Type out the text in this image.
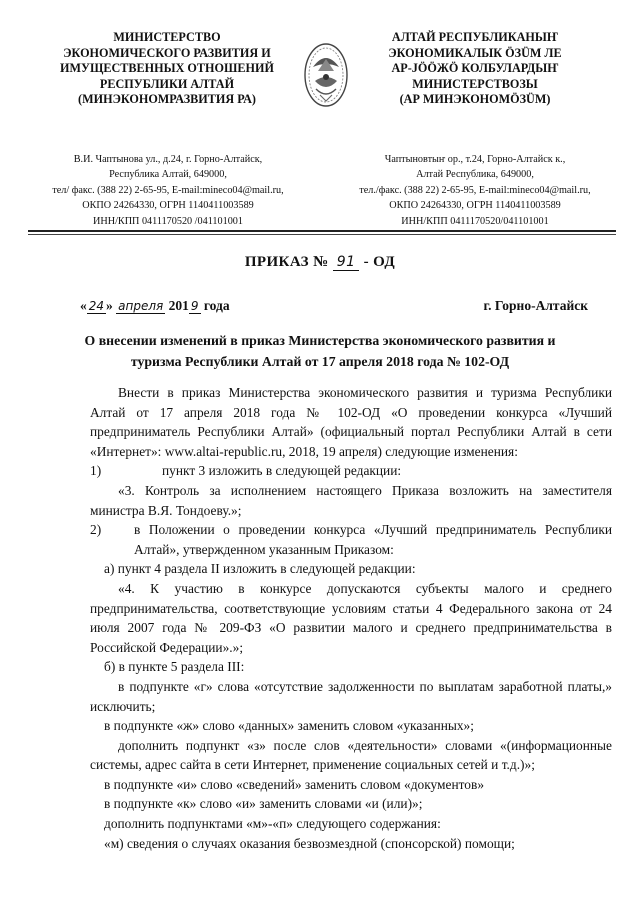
МИНИСТЕРСТВО
ЭКОНОМИЧЕСКОГО РАЗВИТИЯ И
ИМУЩЕСТВЕННЫХ ОТНОШЕНИЙ
РЕСПУБЛИКИ АЛТАЙ
(МИНЭКОНОМРАЗВИТИЯ РА)
АЛТАЙ РЕСПУБЛИКАНЫҤ
ЭКОНОМИКАЛЫК ÖЗÜМ ЛЕ
АР-JÖÖЖÖ КОЛБУЛАРДЫҤ
МИНИСТЕРСТВОЗЫ
(АР МИНЭКОНОМÖЗÜМ)
В.И. Чаптынова ул., д.24, г. Горно-Алтайск,
Республика Алтай, 649000,
тел/ факс. (388 22) 2-65-95, E-mail:mineco04@mail.ru,
ОКПО 24264330, ОГРН 1140411003589
ИНН/КПП 0411170520 /041101001
Чаптыновтыҥ ор., т.24, Горно-Алтайск к.,
Алтай Республика, 649000,
тел./факс. (388 22) 2-65-95, E-mail:mineco04@mail.ru,
ОКПО 24264330, ОГРН 1140411003589
ИНН/КПП 0411170520/041101001
ПРИКАЗ № 91 - ОД
« 24 » апреля 201 9 года	г. Горно-Алтайск
О внесении изменений в приказ Министерства экономического развития и туризма Республики Алтай от 17 апреля 2018 года № 102-ОД

Внести в приказ Министерства экономического развития и туризма Республики Алтай от 17 апреля 2018 года № 102-ОД «О проведении конкурса «Лучший предприниматель Республики Алтай» (официальный портал Республики Алтай в сети «Интернет»: www.altai-republic.ru, 2018, 19 апреля) следующие изменения:

1)	пункт 3 изложить в следующей редакции:

«3. Контроль за исполнением настоящего Приказа возложить на заместителя министра В.Я. Тондоеву.»;

2)	в Положении о проведении конкурса «Лучший предприниматель Республики Алтай», утвержденном указанным Приказом:

а) пункт 4 раздела II изложить в следующей редакции:

«4. К участию в конкурсе допускаются субъекты малого и среднего предпринимательства, соответствующие условиям статьи 4 Федерального закона от 24 июля 2007 года № 209-ФЗ «О развитии малого и среднего предпринимательства в Российской Федерации».»;

б) в пункте 5 раздела III:

в подпункте «г» слова «отсутствие задолженности по выплатам заработной платы,» исключить;

в подпункте «ж» слово «данных» заменить словом «указанных»;

дополнить подпункт «з» после слов «деятельности» словами «(информационные системы, адрес сайта в сети Интернет, применение социальных сетей и т.д.)»;

в подпункте «и» слово «сведений» заменить словом «документов»

в подпункте «к» слово «и» заменить словами «и (или)»;

дополнить подпунктами «м»-«п» следующего содержания:

«м) сведения о случаях оказания безвозмездной (спонсорской) помощи;
